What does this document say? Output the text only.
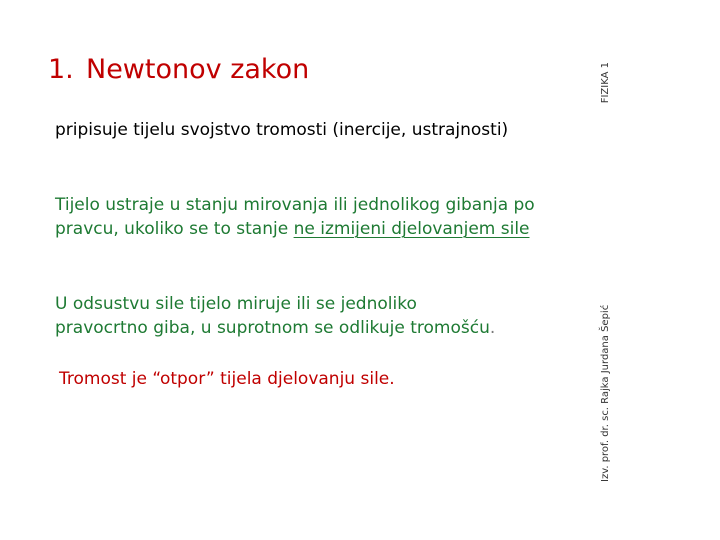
1. Newtonov zakon
pripisuje tijelu svojstvo tromosti (inercije, ustrajnosti)
Tijelo ustraje u stanju mirovanja ili jednolikog gibanja po
pravcu, ukoliko se to stanje ne izmijeni djelovanjem sile
U odsustvu sile tijelo miruje ili se jednoliko
pravocrtno giba, u suprotnom se odlikuje tromošću.
Tromost je “otpor” tijela djelovanju sile.	Izv. prof. dr. sc. Rajka Jurdana Šepić
FIZIKA 1
